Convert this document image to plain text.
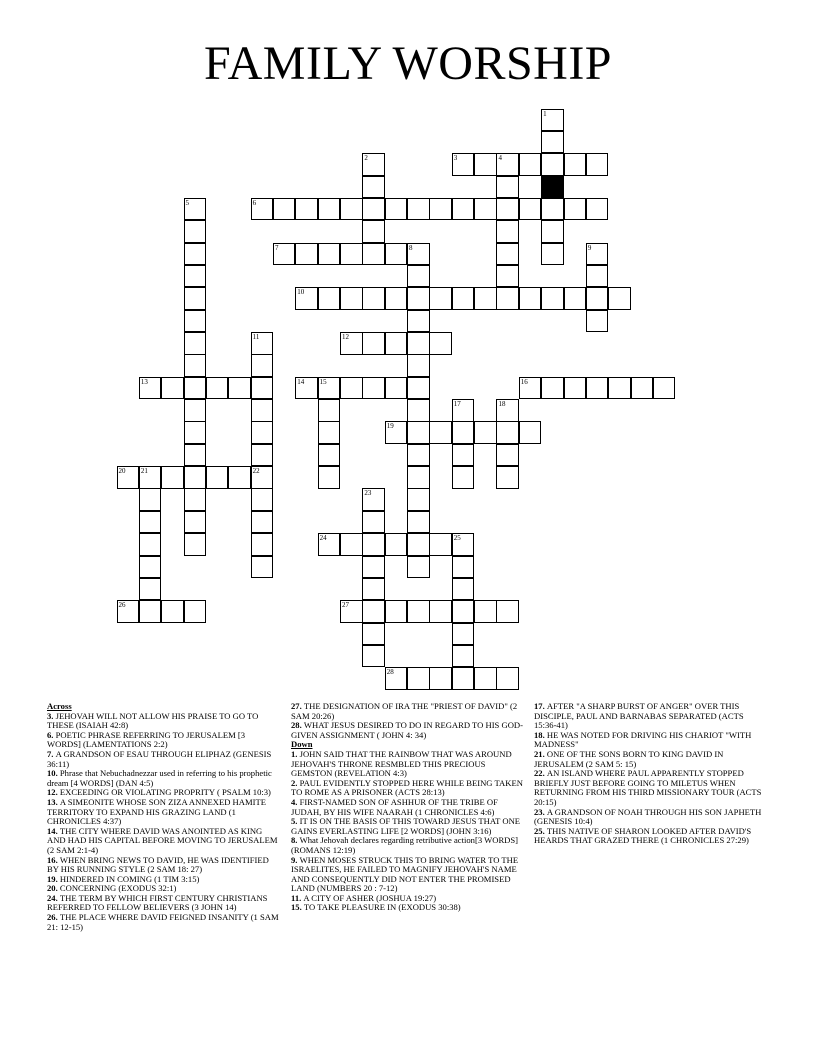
FAMILY WORSHIP
1
3	4
2
6
5
7	8	9
10
11
22
12
13	14 15	16
17	18
19
20 21
23
24	25
26	27
28
Across
3. JEHOVAH WILL NOT ALLOW HIS PRAISE TO GO TO THESE (ISAIAH 42:8)
6. POETIC PHRASE REFERRING TO JERUSALEM [3 WORDS] (LAMENTATIONS 2:2)
7. A GRANDSON OF ESAU THROUGH ELIPHAZ (GENESIS 36:11)
10. Phrase that Nebuchadnezzar used in referring to his prophetic dream [4 WORDS] (DAN 4:5)
12. EXCEEDING OR VIOLATING PROPRITY ( PSALM 10:3)
13. A SIMEONITE WHOSE SON ZIZA ANNEXED HAMITE TERRITORY TO EXPAND HIS GRAZING LAND (1 CHRONICLES 4:37)
14. THE CITY WHERE DAVID WAS ANOINTED AS KING AND HAD HIS CAPITAL BEFORE MOVING TO JERUSALEM (2 SAM 2:1-4)
16. WHEN BRING NEWS TO DAVID, HE WAS IDENTIFIED BY HIS RUNNING STYLE (2 SAM 18: 27)
19. HINDERED IN COMING (1 TIM 3:15)
20. CONCERNING (EXODUS 32:1)
24. THE TERM BY WHICH FIRST CENTURY CHRISTIANS REFERRED TO FELLOW BELIEVERS (3 JOHN 14)
26. THE PLACE WHERE DAVID FEIGNED INSANITY (1 SAM 21: 12-15)
27. THE DESIGNATION OF IRA THE "PRIEST OF DAVID" (2 SAM 20:26)
28. WHAT JESUS DESIRED TO DO IN REGARD TO HIS GOD-GIVEN ASSIGNMENT ( JOHN 4: 34)
Down
1. JOHN SAID THAT THE RAINBOW THAT WAS AROUND JEHOVAH'S THRONE RESMBLED THIS PRECIOUS GEMSTON (REVELATION 4:3)
2. PAUL EVIDENTLY STOPPED HERE WHILE BEING TAKEN TO ROME AS A PRISONER (ACTS 28:13)
4. FIRST-NAMED SON OF ASHHUR OF THE TRIBE OF JUDAH, BY HIS WIFE NAARAH (1 CHRONICLES 4:6)
5. IT IS ON THE BASIS OF THIS TOWARD JESUS THAT ONE GAINS EVERLASTING LIFE [2 WORDS] (JOHN 3:16)
8. What Jehovah declares regarding retributive action[3 WORDS] (ROMANS 12:19)
9. WHEN MOSES STRUCK THIS TO BRING WATER TO THE ISRAELITES, HE FAILED TO MAGNIFY JEHOVAH'S NAME AND CONSEQUENTLY DID NOT ENTER THE PROMISED LAND (NUMBERS 20 : 7-12)
11. A CITY OF ASHER (JOSHUA 19:27)
15. TO TAKE PLEASURE IN (EXODUS 30:38)
17. AFTER "A SHARP BURST OF ANGER" OVER THIS DISCIPLE, PAUL AND BARNABAS SEPARATED (ACTS 15:36-41)
18. HE WAS NOTED FOR DRIVING HIS CHARIOT "WITH MADNESS"
21. ONE OF THE SONS BORN TO KING DAVID IN JERUSALEM (2 SAM 5: 15)
22. AN ISLAND WHERE PAUL APPARENTLY STOPPED BRIEFLY JUST BEFORE GOING TO MILETUS WHEN RETURNING FROM HIS THIRD MISSIONARY TOUR (ACTS 20:15)
23. A GRANDSON OF NOAH THROUGH HIS SON JAPHETH (GENESIS 10:4)
25. THIS NATIVE OF SHARON LOOKED AFTER DAVID'S HEARDS THAT GRAZED THERE (1 CHRONICLES 27:29)
